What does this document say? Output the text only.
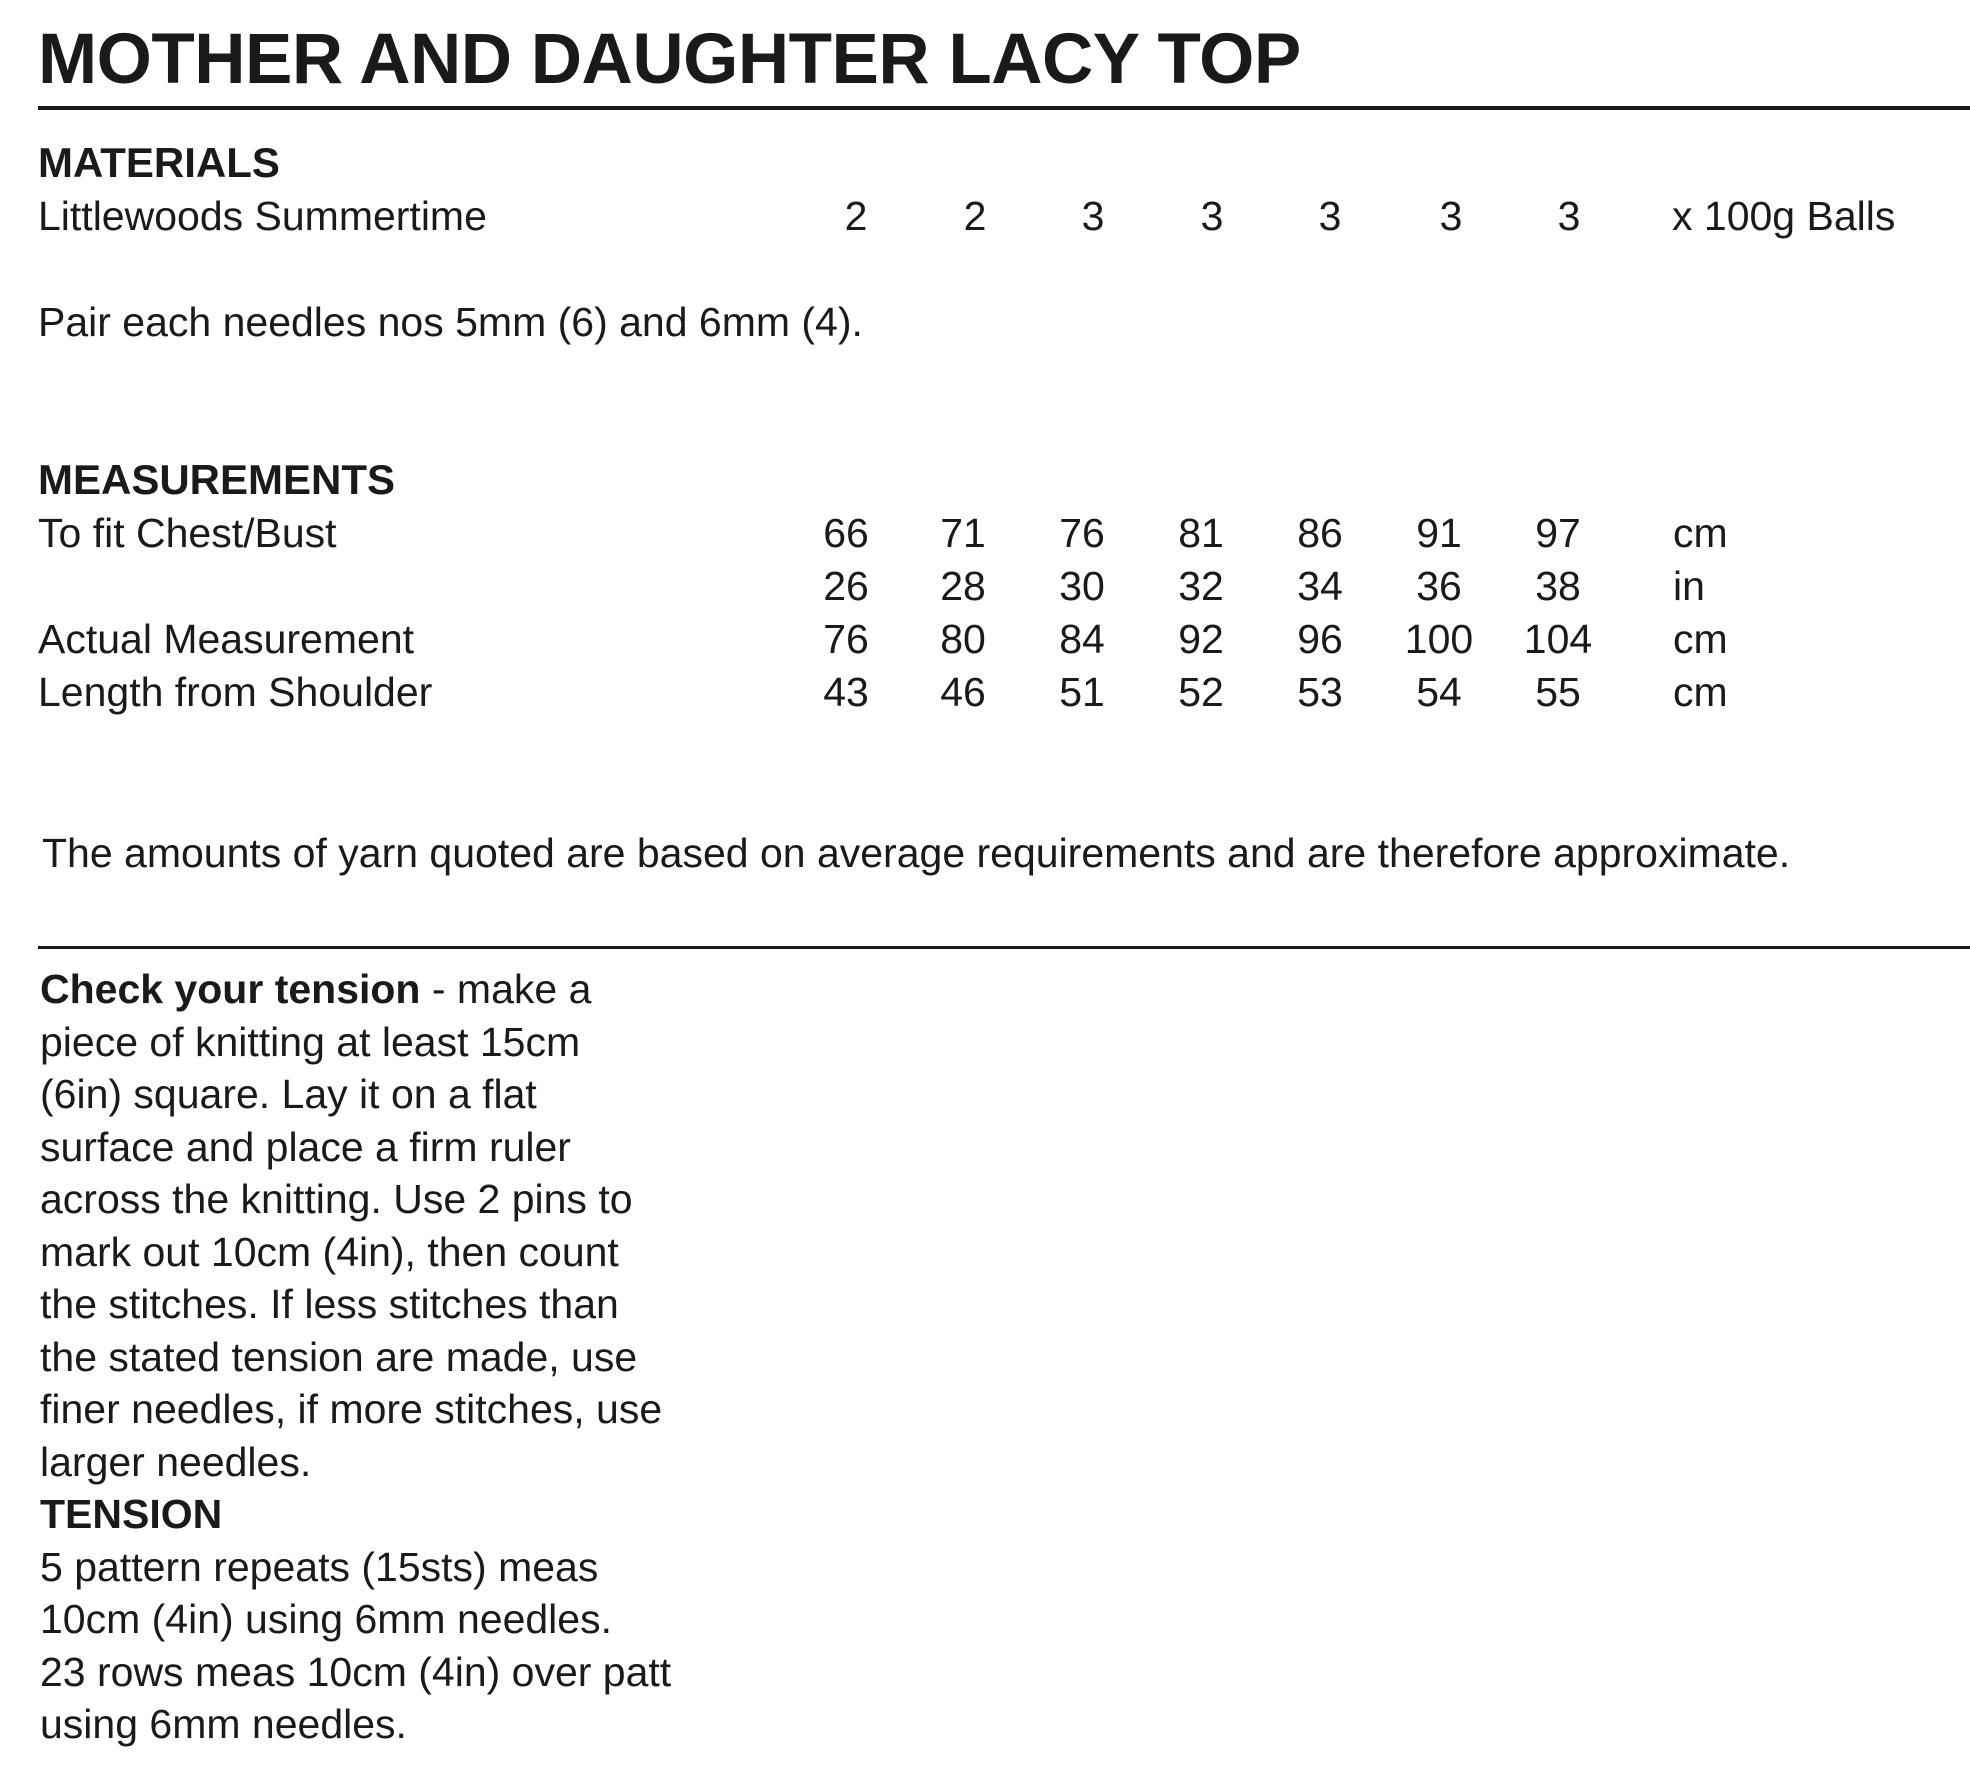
MOTHER AND DAUGHTER LACY TOP
MATERIALS
Littlewoods Summertime	2	2	3	3	3	3	3	x 100g Balls
Pair each needles nos 5mm (6) and 6mm (4).
MEASUREMENTS
To fit Chest/Bust	66	71	76	81	86	91	97	cm
26	28	30	32	34	36	38	in
Actual Measurement	76	80	84	92	96	100	104	cm
Length from Shoulder	43	46	51	52	53	54	55	cm
The amounts of yarn quoted are based on average requirements and are therefore approximate.

Check your tension - make a

piece of knitting at least 15cm

(6in) square. Lay it on a flat

surface and place a firm ruler

across the knitting. Use 2 pins to

mark out 10cm (4in), then count

the stitches. If less stitches than

the stated tension are made, use

finer needles, if more stitches, use

larger needles.

TENSION

5 pattern repeats (15sts) meas

10cm (4in) using 6mm needles.

23 rows meas 10cm (4in) over patt

using 6mm needles.
